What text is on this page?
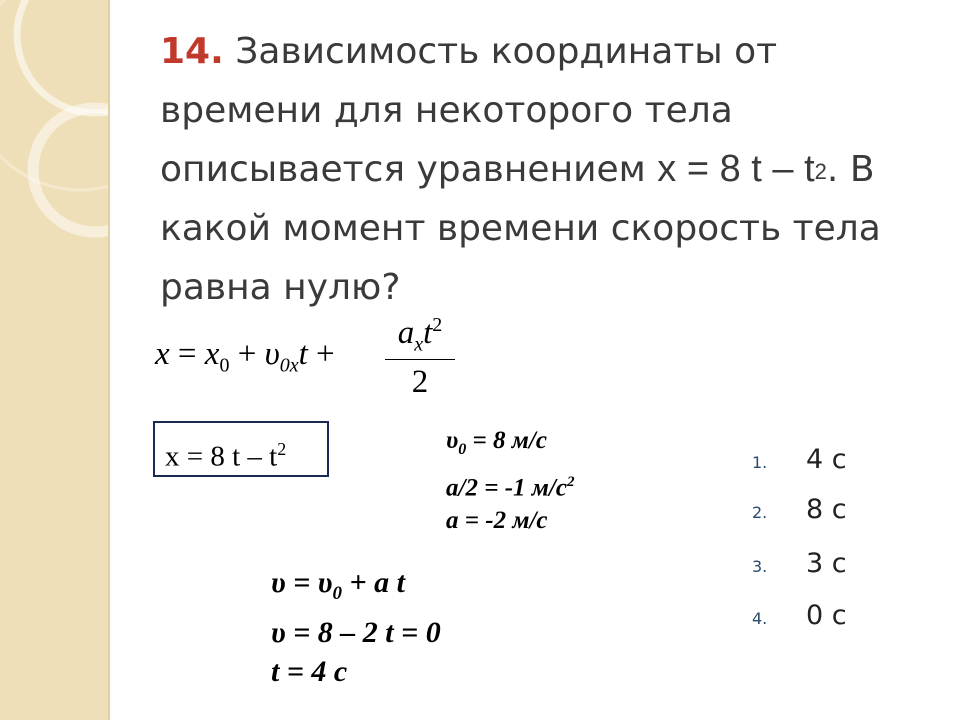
14. Зависимость координаты от времени для некоторого тела описывается уравнением x = 8 t – $t^2$. В какой момент времени скорость тела равна нулю?
$x = x_0 + \upsilon_{0x}t$ +
$a_xt^2$
2
x = 8 t – $t^2$	$\upsilon_0 = 8$ м/с
a/2 = -1 $м/с^2$
a = -2 м/с
$\upsilon = \upsilon_0 + a$ t
υ = 8 – 2 t = 0
t = 4 с
1. 4 с
2. 8 с
3. 3 с
4. 0 с
